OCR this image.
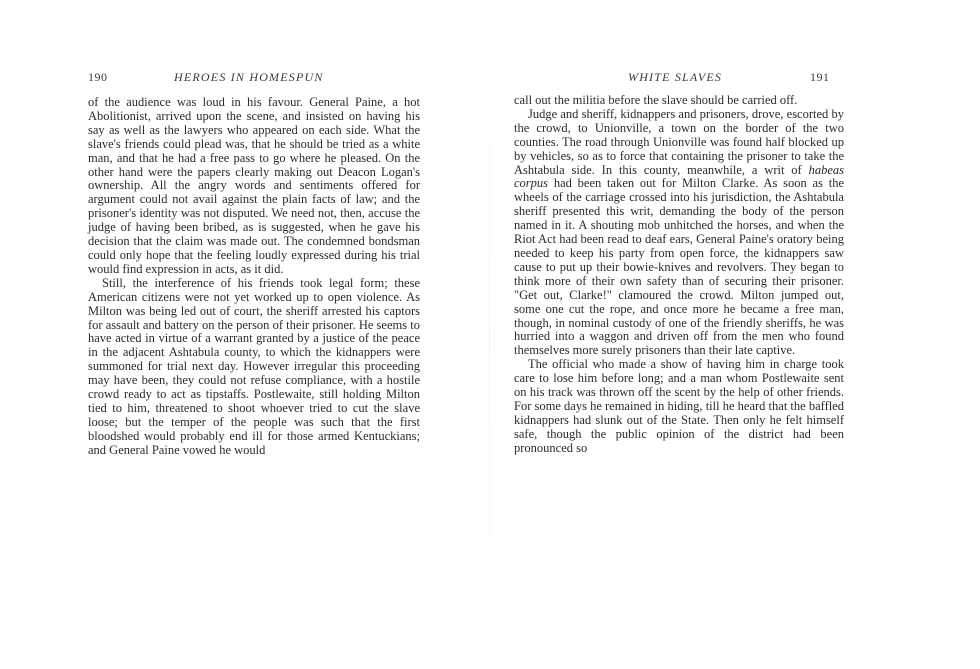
190	HEROES IN HOMESPUN

of the audience was loud in his favour. General Paine, a hot Abolitionist, arrived upon the scene, and insisted on having his say as well as the lawyers who appeared on each side. What the slave's friends could plead was, that he should be tried as a white man, and that he had a free pass to go where he pleased. On the other hand were the papers clearly making out Deacon Logan's ownership. All the angry words and sentiments offered for argument could not avail against the plain facts of law; and the prisoner's identity was not disputed. We need not, then, accuse the judge of having been bribed, as is suggested, when he gave his decision that the claim was made out. The condemned bondsman could only hope that the feeling loudly expressed during his trial would find expression in acts, as it did.

Still, the interference of his friends took legal form; these American citizens were not yet worked up to open violence. As Milton was being led out of court, the sheriff arrested his captors for assault and battery on the person of their prisoner. He seems to have acted in virtue of a warrant granted by a justice of the peace in the adjacent Ashtabula county, to which the kidnappers were summoned for trial next day. However irregular this proceeding may have been, they could not refuse compliance, with a hostile crowd ready to act as tipstaffs. Postlewaite, still holding Milton tied to him, threatened to shoot whoever tried to cut the slave loose; but the temper of the people was such that the first bloodshed would probably end ill for those armed Kentuckians; and General Paine vowed he would

WHITE SLAVES	191

call out the militia before the slave should be carried off.

Judge and sheriff, kidnappers and prisoners, drove, escorted by the crowd, to Unionville, a town on the border of the two counties. The road through Unionville was found half blocked up by vehicles, so as to force that containing the prisoner to take the Ashtabula side. In this county, meanwhile, a writ of habeas corpus had been taken out for Milton Clarke. As soon as the wheels of the carriage crossed into his jurisdiction, the Ashtabula sheriff presented this writ, demanding the body of the person named in it. A shouting mob unhitched the horses, and when the Riot Act had been read to deaf ears, General Paine's oratory being needed to keep his party from open force, the kidnappers saw cause to put up their bowie-knives and revolvers. They began to think more of their own safety than of securing their prisoner. "Get out, Clarke!" clamoured the crowd. Milton jumped out, some one cut the rope, and once more he became a free man, though, in nominal custody of one of the friendly sheriffs, he was hurried into a waggon and driven off from the men who found themselves more surely prisoners than their late captive.

The official who made a show of having him in charge took care to lose him before long; and a man whom Postlewaite sent on his track was thrown off the scent by the help of other friends. For some days he remained in hiding, till he heard that the baffled kidnappers had slunk out of the State. Then only he felt himself safe, though the public opinion of the district had been pronounced so
